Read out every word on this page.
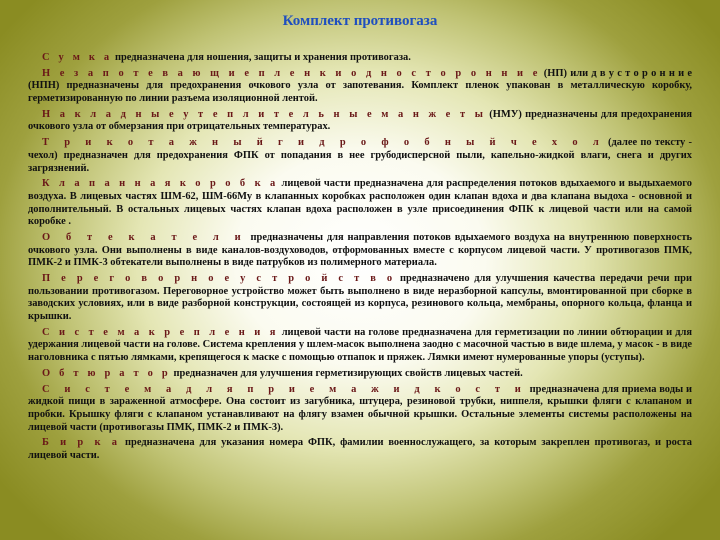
Комплект противогаза

С у м к а предназначена для ношения, защиты и хранения противогаза.

Н е з а п о т е в а ю щ и е п л е н к и о д н о с т о р о н н и е (НП) или д в у с т о р о н н и е (НПН) предназначены для предохранения очкового узла от запотевания. Комплект пленок упакован в металлическую коробку, герметизированную по линии разъема изоляционной лентой.

Н а к л а д н ы е у т е п л и т е л ь н ы е м а н ж е т ы (НМУ) предназначены для предохранения очкового узла от обмерзания при отрицательных температурах.

Т р и к о т а ж н ы й г и д р о ф о б н ы й ч е х о л (далее по тексту - чехол) предназначен для предохранения ФПК от попадания в нее грубодисперсной пыли, капельно-жидкой влаги, снега и других загрязнений.

К л а п а н н а я к о р о б к а лицевой части предназначена для распределения потоков вдыхаемого и выдыхаемого воздуха. В лицевых частях ШМ-62, ШМ-66Му в клапанных коробках расположен один клапан вдоха и два клапана выдоха - основной и дополнительный. В остальных лицевых частях клапан вдоха расположен в узле присоединения ФПК к лицевой части или на самой коробке .

О б т е к а т е л и предназначены для направления потоков вдыхаемого воздуха на внутреннюю поверхность очкового узла. Они выполнены в виде каналов-воздуховодов, отформованных вместе с корпусом лицевой части. У противогазов ПМК, ПМК-2 и ПМК-3 обтекатели выполнены в виде патрубков из полимерного материала.

П е р е г о в о р н о е у с т р о й с т в о предназначено для улучшения качества передачи речи при пользовании противогазом. Переговорное устройство может быть выполнено в виде неразборной капсулы, вмонтированной при сборке в заводских условиях, или в виде разборной конструкции, состоящей из корпуса, резинового кольца, мембраны, опорного кольца, фланца и крышки.

С и с т е м а к р е п л е н и я лицевой части на голове предназначена для герметизации по линии обтюрации и для удержания лицевой части на голове. Система крепления у шлем-масок выполнена заодно с масочной частью в виде шлема, у масок - в виде наголовника с пятью лямками, крепящегося к маске с помощью отпапок и пряжек. Лямки имеют нумерованные упоры (уступы).

О б т ю р а т о р предназначен для улучшения герметизирующих свойств лицевых частей.

С и с т е м а д л я п р и е м а ж и д к о с т и предназначена для приема воды и жидкой пищи в зараженной атмосфере. Она состоит из загубника, штуцера, резиновой трубки, ниппеля, крышки фляги с клапаном и пробки. Крышку фляги с клапаном устанавливают на флягу взамен обычной крышки. Остальные элементы системы расположены на лицевой части (противогазы ПМК, ПМК-2 и ПМК-3).

Б и р к а предназначена для указания номера ФПК, фамилии военнослужащего, за которым закреплен противогаз, и роста лицевой части.
